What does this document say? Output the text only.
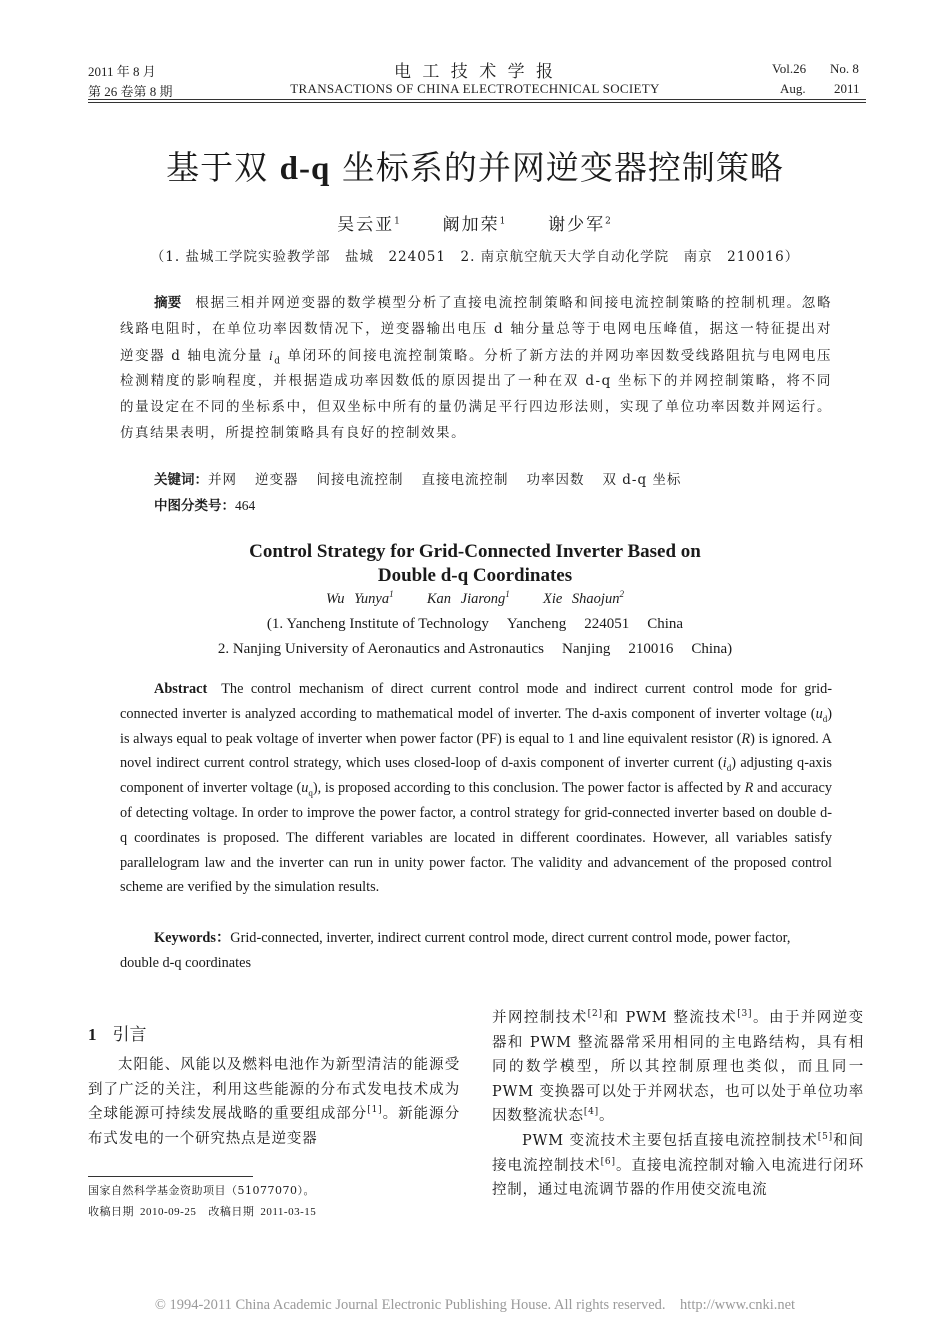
2011 年 8 月
第 26 卷第 8 期
电 工 技 术 学 报
TRANSACTIONS OF CHINA ELECTROTECHNICAL SOCIETY
Vol.26 No. 8
Aug. 2011
基于双 d-q 坐标系的并网逆变器控制策略
吴云亚$^1$ 阚加荣$^1$ 谢少军$^2$
（1. 盐城工学院实验教学部　盐城　224051　2. 南京航空航天大学自动化学院　南京　210016）
摘要 根据三相并网逆变器的数学模型分析了直接电流控制策略和间接电流控制策略的控制机理。忽略线路电阻时，在单位功率因数情况下，逆变器输出电压 d 轴分量总等于电网电压峰值，据这一特征提出对逆变器 d 轴电流分量 $i_d$ 单闭环的间接电流控制策略。分析了新方法的并网功率因数受线路阻抗与电网电压检测精度的影响程度，并根据造成功率因数低的原因提出了一种在双 d-q 坐标下的并网控制策略，将不同的量设定在不同的坐标系中，但双坐标中所有的量仍满足平行四边形法则，实现了单位功率因数并网运行。仿真结果表明，所提控制策略具有良好的控制效果。
关键词：并网 逆变器 间接电流控制 直接电流控制 功率因数 双 d-q 坐标
中图分类号：464
Control Strategy for Grid-Connected Inverter Based on
Double d-q Coordinates
Wu Yunya$^1$ Kan Jiarong$^1$ Xie Shaojun$^2$
(1. Yancheng Institute of Technology Yancheng 224051 China
2. Nanjing University of Aeronautics and Astronautics Nanjing 210016 China)
Abstract The control mechanism of direct current control mode and indirect current control mode for grid-connected inverter is analyzed according to mathematical model of inverter. The d-axis component of inverter voltage $(u_d)$ is always equal to peak voltage of inverter when power factor (PF) is equal to 1 and line equivalent resistor (R) is ignored. A novel indirect current control strategy, which uses closed-loop of d-axis component of inverter current $(i_d)$ adjusting q-axis component of inverter voltage $(u_q)$, is proposed according to this conclusion. The power factor is affected by R and accuracy of detecting voltage. In order to improve the power factor, a control strategy for grid-connected inverter based on double d-q coordinates is proposed. The different variables are located in different coordinates. However, all variables satisfy parallelogram law and the inverter can run in unity power factor. The validity and advancement of the proposed control scheme are verified by the simulation results.
Keywords：Grid-connected, inverter, indirect current control mode, direct current control mode, power factor, double d-q coordinates
1 引言
太阳能、风能以及燃料电池作为新型清洁的能源受到了广泛的关注，利用这些能源的分布式发电技术成为全球能源可持续发展战略的重要组成部分[1]。新能源分布式发电的一个研究热点是逆变器
并网控制技术[2]和 PWM 整流技术[3]。由于并网逆变器和 PWM 整流器常采用相同的主电路结构，具有相同的数学模型，所以其控制原理也类似，而且同一 PWM 变换器可以处于并网状态，也可以处于单位功率因数整流状态[4]。
PWM 变流技术主要包括直接电流控制技术[5]和间接电流控制技术[6]。直接电流控制对输入电流进行闭环控制，通过电流调节器的作用使交流电流
国家自然科学基金资助项目（51077070）。
收稿日期 2010-09-25 改稿日期 2011-03-15
© 1994-2011 China Academic Journal Electronic Publishing House. All rights reserved.    http://www.cnki.net
